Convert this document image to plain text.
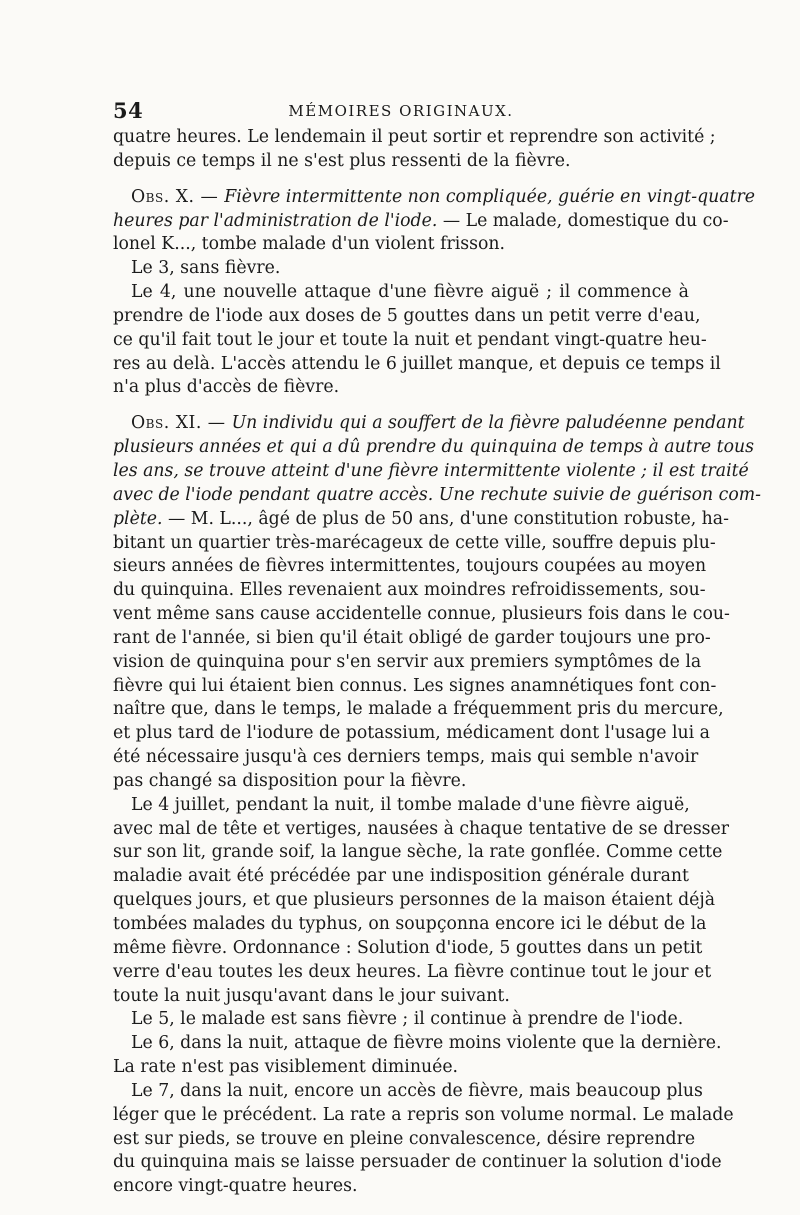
54	MÉMOIRES ORIGINAUX.
quatre heures. Le lendemain il peut sortir et reprendre son activité ;
depuis ce temps il ne s'est plus ressenti de la fièvre.
Obs. X. — Fièvre intermittente non compliquée, guérie en vingt-quatre
heures par l'administration de l'iode. — Le malade, domestique du co-
lonel K..., tombe malade d'un violent frisson.
Le 3, sans fièvre.
Le 4, une nouvelle attaque d'une fièvre aiguë ; il commence à
prendre de l'iode aux doses de 5 gouttes dans un petit verre d'eau,
ce qu'il fait tout le jour et toute la nuit et pendant vingt-quatre heu-
res au delà. L'accès attendu le 6 juillet manque, et depuis ce temps il
n'a plus d'accès de fièvre.
Obs. XI. — Un individu qui a souffert de la fièvre paludéenne pendant
plusieurs années et qui a dû prendre du quinquina de temps à autre tous
les ans, se trouve atteint d'une fièvre intermittente violente ; il est traité
avec de l'iode pendant quatre accès. Une rechute suivie de guérison com-
plète. — M. L..., âgé de plus de 50 ans, d'une constitution robuste, ha-
bitant un quartier très-marécageux de cette ville, souffre depuis plu-
sieurs années de fièvres intermittentes, toujours coupées au moyen
du quinquina. Elles revenaient aux moindres refroidissements, sou-
vent même sans cause accidentelle connue, plusieurs fois dans le cou-
rant de l'année, si bien qu'il était obligé de garder toujours une pro-
vision de quinquina pour s'en servir aux premiers symptômes de la
fièvre qui lui étaient bien connus. Les signes anamnétiques font con-
naître que, dans le temps, le malade a fréquemment pris du mercure,
et plus tard de l'iodure de potassium, médicament dont l'usage lui a
été nécessaire jusqu'à ces derniers temps, mais qui semble n'avoir
pas changé sa disposition pour la fièvre.
Le 4 juillet, pendant la nuit, il tombe malade d'une fièvre aiguë,
avec mal de tête et vertiges, nausées à chaque tentative de se dresser
sur son lit, grande soif, la langue sèche, la rate gonflée. Comme cette
maladie avait été précédée par une indisposition générale durant
quelques jours, et que plusieurs personnes de la maison étaient déjà
tombées malades du typhus, on soupçonna encore ici le début de la
même fièvre. Ordonnance : Solution d'iode, 5 gouttes dans un petit
verre d'eau toutes les deux heures. La fièvre continue tout le jour et
toute la nuit jusqu'avant dans le jour suivant.
Le 5, le malade est sans fièvre ; il continue à prendre de l'iode.
Le 6, dans la nuit, attaque de fièvre moins violente que la dernière.
La rate n'est pas visiblement diminuée.
Le 7, dans la nuit, encore un accès de fièvre, mais beaucoup plus
léger que le précédent. La rate a repris son volume normal. Le malade
est sur pieds, se trouve en pleine convalescence, désire reprendre
du quinquina mais se laisse persuader de continuer la solution d'iode
encore vingt-quatre heures.
